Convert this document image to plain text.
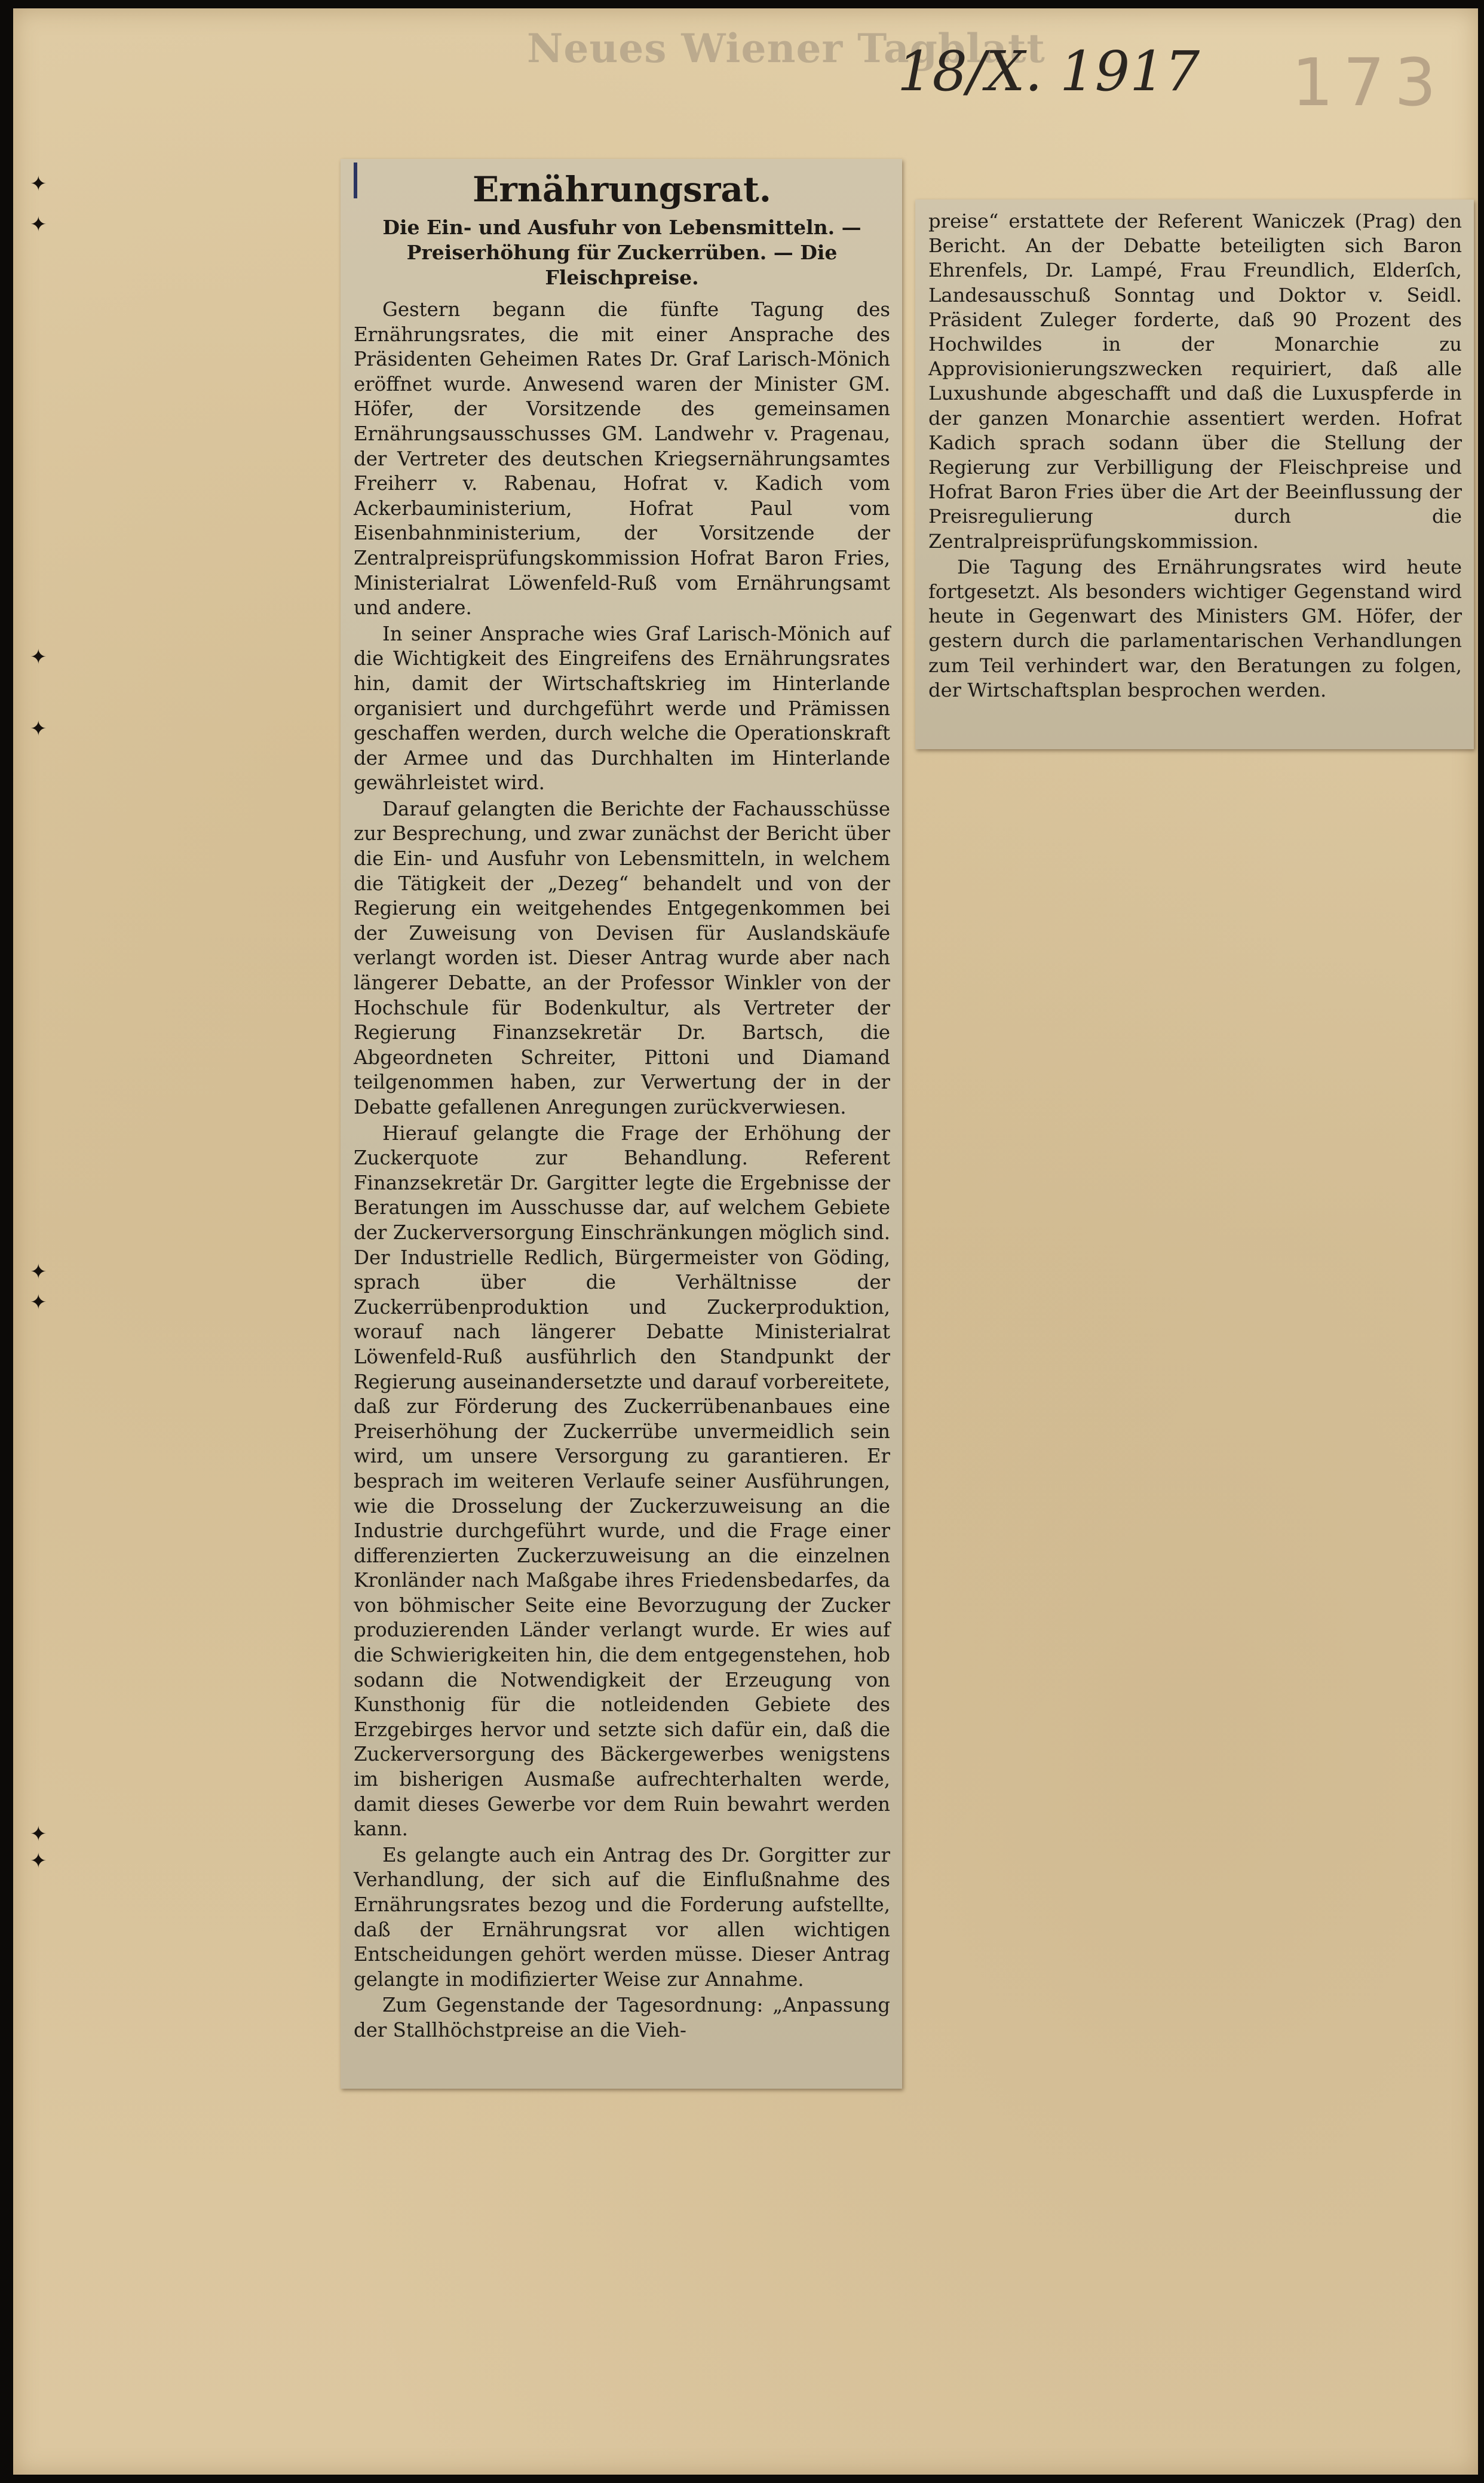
Neues Wiener Tagblatt
18/X. 1917 173
✦
✦
✦
✦
✦
✦
✦
✦
Ernährungsrat.

Die Ein- und Ausfuhr von Lebensmitteln. — Preiserhöhung für Zuckerrüben. — Die Fleischpreise.

Gestern begann die fünfte Tagung des Ernährungsrates, die mit einer Ansprache des Präsidenten Geheimen Rates Dr. Graf Larisch-Mönich eröffnet wurde. Anwesend waren der Minister GM. Höfer, der Vorsitzende des gemeinsamen Ernährungsausschusses GM. Landwehr v. Pragenau, der Vertreter des deutschen Kriegsernährungsamtes Freiherr v. Rabenau, Hofrat v. Kadich vom Ackerbauministerium, Hofrat Paul vom Eisenbahnministerium, der Vorsitzende der Zentralpreisprüfungskommission Hofrat Baron Fries, Ministerialrat Löwenfeld-Ruß vom Ernährungsamt und andere.

In seiner Ansprache wies Graf Larisch-Mönich auf die Wichtigkeit des Eingreifens des Ernährungsrates hin, damit der Wirtschaftskrieg im Hinterlande organisiert und durchgeführt werde und Prämissen geschaffen werden, durch welche die Operationskraft der Armee und das Durchhalten im Hinterlande gewährleistet wird.

Darauf gelangten die Berichte der Fachausschüsse zur Besprechung, und zwar zunächst der Bericht über die Ein- und Ausfuhr von Lebensmitteln, in welchem die Tätigkeit der „Dezeg“ behandelt und von der Regierung ein weitgehendes Entgegenkommen bei der Zuweisung von Devisen für Auslandskäufe verlangt worden ist. Dieser Antrag wurde aber nach längerer Debatte, an der Professor Winkler von der Hochschule für Bodenkultur, als Vertreter der Regierung Finanzsekretär Dr. Bartsch, die Abgeordneten Schreiter, Pittoni und Diamand teilgenommen haben, zur Verwertung der in der Debatte gefallenen Anregungen zurückverwiesen.

Hierauf gelangte die Frage der Erhöhung der Zuckerquote zur Behandlung. Referent Finanzsekretär Dr. Gargitter legte die Ergebnisse der Beratungen im Ausschusse dar, auf welchem Gebiete der Zuckerversorgung Einschränkungen möglich sind. Der Industrielle Redlich, Bürgermeister von Göding, sprach über die Verhältnisse der Zuckerrübenproduktion und Zuckerproduktion, worauf nach längerer Debatte Ministerialrat Löwenfeld-Ruß ausführlich den Standpunkt der Regierung auseinandersetzte und darauf vorbereitete, daß zur Förderung des Zuckerrübenanbaues eine Preiserhöhung der Zuckerrübe unvermeidlich sein wird, um unsere Versorgung zu garantieren. Er besprach im weiteren Verlaufe seiner Ausführungen, wie die Drosselung der Zuckerzuweisung an die Industrie durchgeführt wurde, und die Frage einer differenzierten Zuckerzuweisung an die einzelnen Kronländer nach Maßgabe ihres Friedensbedarfes, da von böhmischer Seite eine Bevorzugung der Zucker produzierenden Länder verlangt wurde. Er wies auf die Schwierigkeiten hin, die dem entgegenstehen, hob sodann die Notwendigkeit der Erzeugung von Kunsthonig für die notleidenden Gebiete des Erzgebirges hervor und setzte sich dafür ein, daß die Zuckerversorgung des Bäckergewerbes wenigstens im bisherigen Ausmaße aufrechterhalten werde, damit dieses Gewerbe vor dem Ruin bewahrt werden kann.

Es gelangte auch ein Antrag des Dr. Gorgitter zur Verhandlung, der sich auf die Einflußnahme des Ernährungsrates bezog und die Forderung aufstellte, daß der Ernährungsrat vor allen wichtigen Entscheidungen gehört werden müsse. Dieser Antrag gelangte in modifizierter Weise zur Annahme.

Zum Gegenstande der Tagesordnung: „Anpassung der Stallhöchstpreise an die Vieh-

preise“ erstattete der Referent Waniczek (Prag) den Bericht. An der Debatte beteiligten sich Baron Ehrenfels, Dr. Lampé, Frau Freundlich, Elderſch, Landesausschuß Sonntag und Doktor v. Seidl. Präsident Zuleger forderte, daß 90 Prozent des Hochwildes in der Monarchie zu Approvisionierungszwecken requiriert, daß alle Luxushunde abgeschafft und daß die Luxuspferde in der ganzen Monarchie assentiert werden. Hofrat Kadich sprach sodann über die Stellung der Regierung zur Verbilligung der Fleischpreise und Hofrat Baron Fries über die Art der Beeinflussung der Preisregulierung durch die Zentralpreisprüfungskommission.

Die Tagung des Ernährungsrates wird heute fortgesetzt. Als besonders wichtiger Gegenstand wird heute in Gegenwart des Ministers GM. Höfer, der gestern durch die parlamentarischen Verhandlungen zum Teil verhindert war, den Beratungen zu folgen, der Wirtschaftsplan besprochen werden.
